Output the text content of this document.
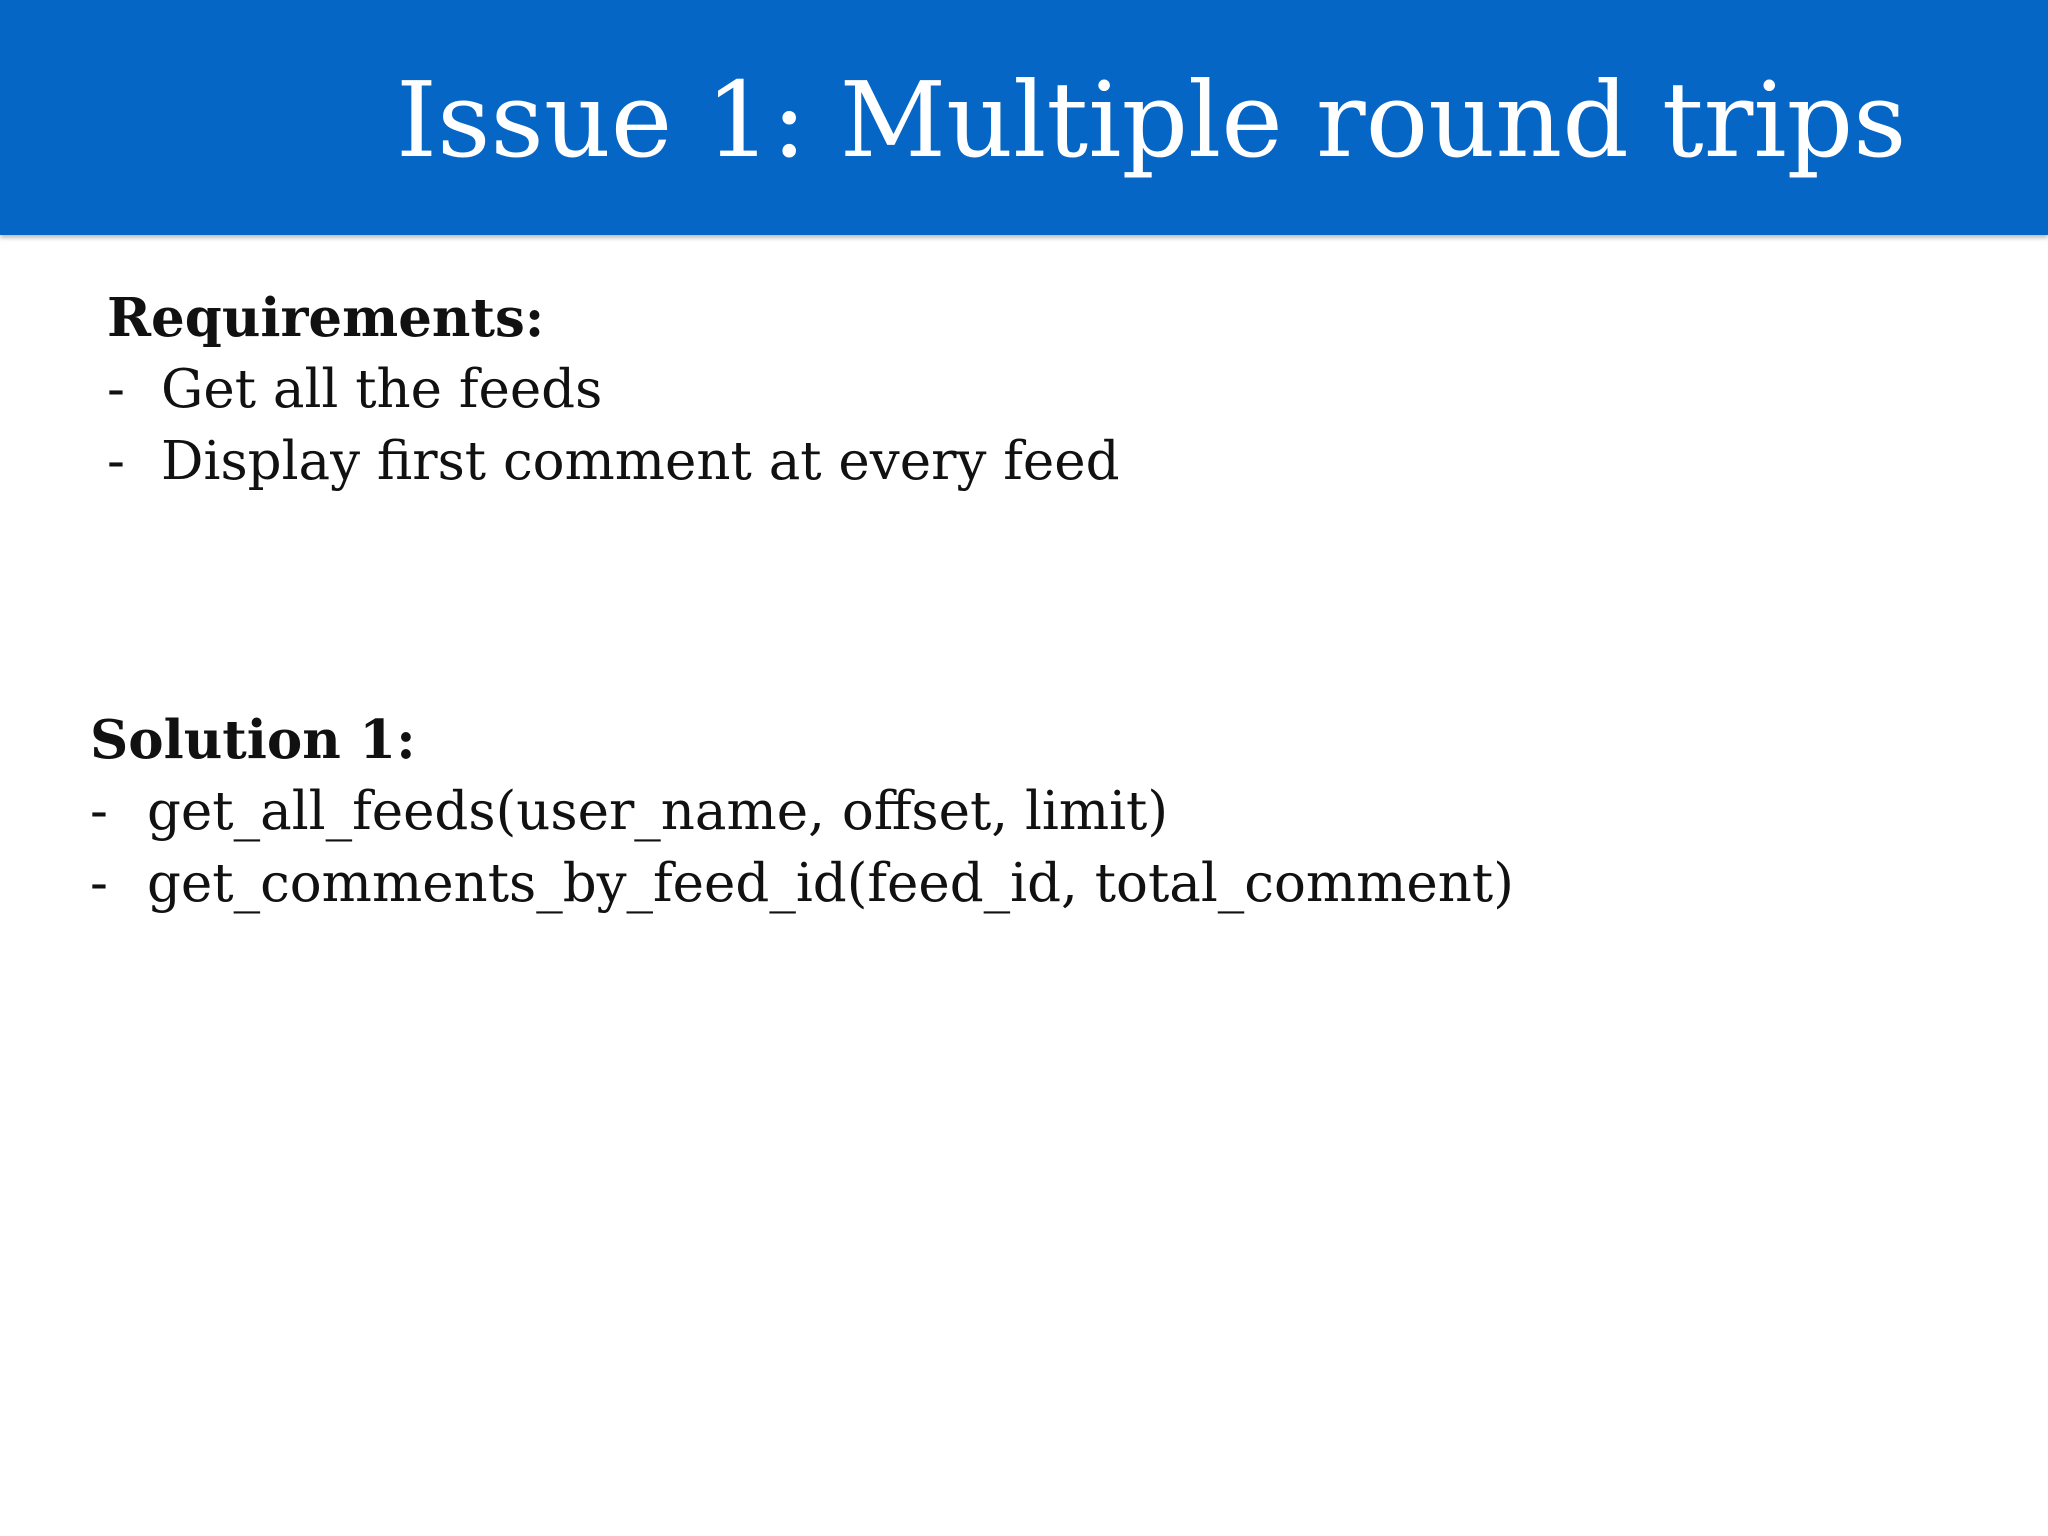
Issue 1: Multiple round trips
Requirements:
- Get all the feeds
- Display first comment at every feed
Solution 1:
- get_all_feeds(user_name, offset, limit)
- get_comments_by_feed_id(feed_id, total_comment)
